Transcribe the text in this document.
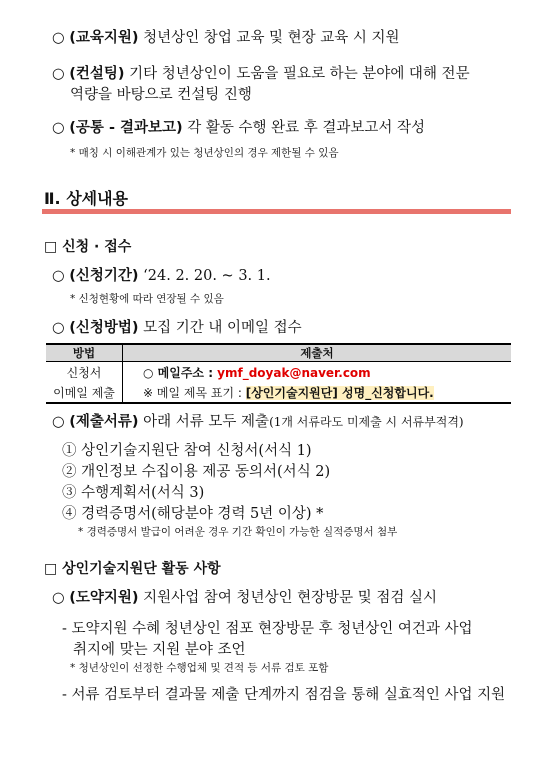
○ (교육지원) 청년상인 창업 교육 및 현장 교육 시 지원
○ (컨설팅) 기타 청년상인이 도움을 필요로 하는 분야에 대해 전문
역량을 바탕으로 컨설팅 진행
○ (공통 - 결과보고) 각 활동 수행 완료 후 결과보고서 작성
* 매칭 시 이해관계가 있는 청년상인의 경우 제한될 수 있음
Ⅱ. 상세내용
□ 신청 · 접수
○ (신청기간) ‘24. 2. 20. ~ 3. 1.
* 신청현황에 따라 연장될 수 있음
○ (신청방법) 모집 기간 내 이메일 접수
방법	제출처
신청서	○ 메일주소 : ymf_doyak@naver.com
이메일 제출	※ 메일 제목 표기 : [상인기술지원단] 성명_신청합니다.
○ (제출서류) 아래 서류 모두 제출(1개 서류라도 미제출 시 서류부적격)
① 상인기술지원단 참여 신청서(서식 1)
② 개인정보 수집이용 제공 동의서(서식 2)
③ 수행계획서(서식 3)
④ 경력증명서(해당분야 경력 5년 이상) *
* 경력증명서 발급이 어려운 경우 기간 확인이 가능한 실적증명서 첨부
□ 상인기술지원단 활동 사항
○ (도약지원) 지원사업 참여 청년상인 현장방문 및 점검 실시
- 도약지원 수혜 청년상인 점포 현장방문 후 청년상인 여건과 사업
취지에 맞는 지원 분야 조언
* 청년상인이 선정한 수행업체 및 견적 등 서류 검토 포함
- 서류 검토부터 결과물 제출 단계까지 점검을 통해 실효적인 사업 지원
